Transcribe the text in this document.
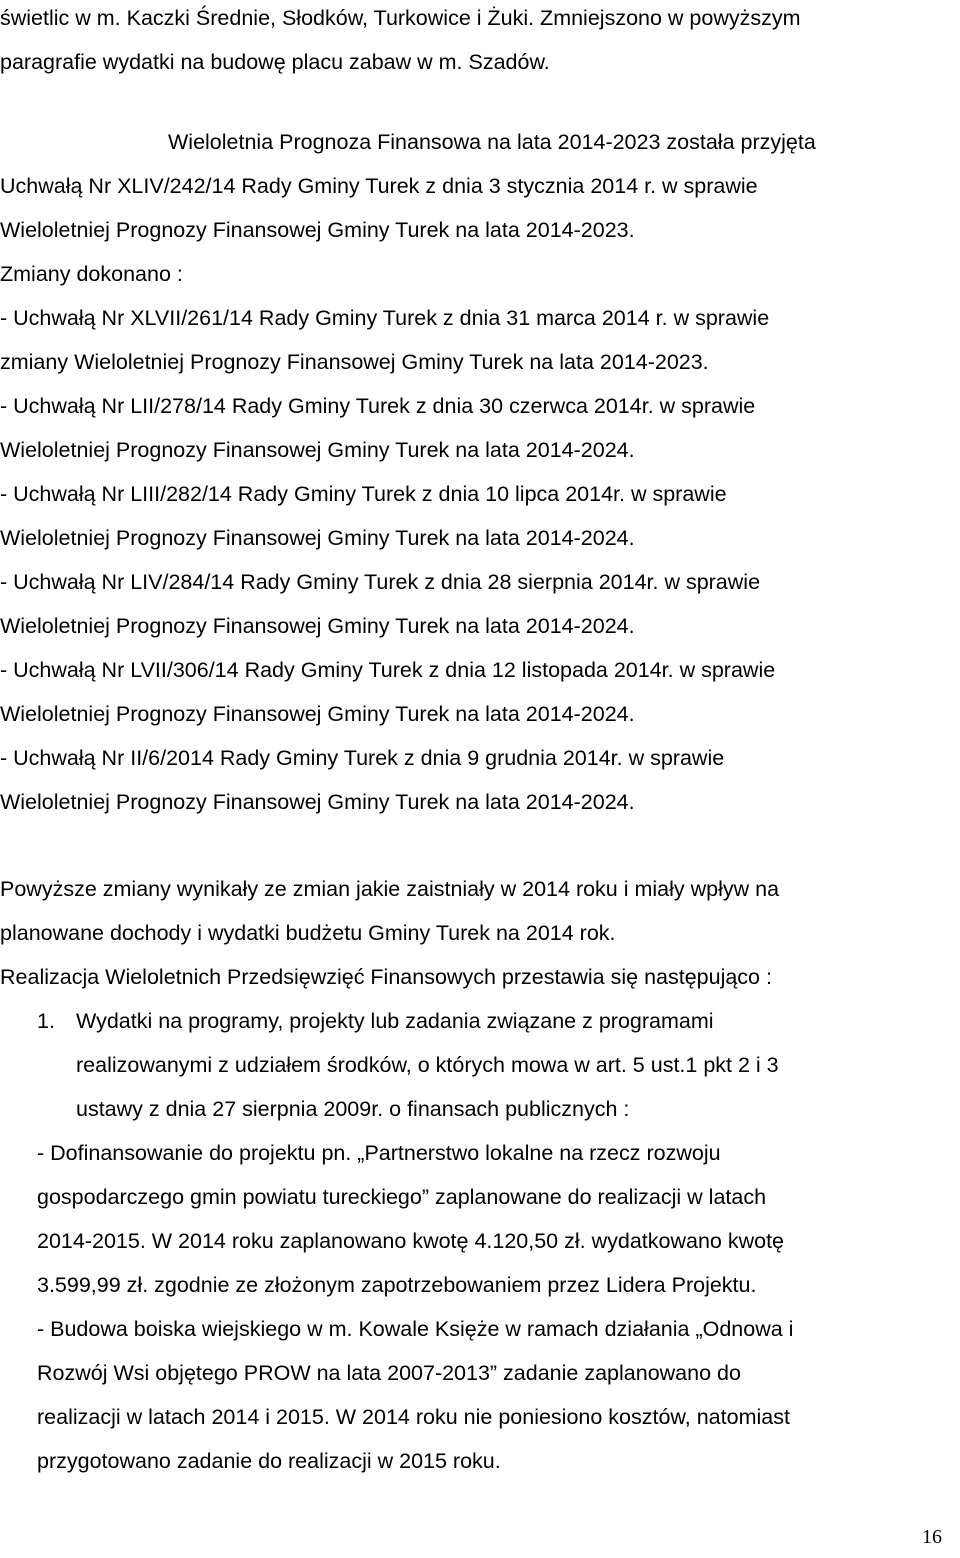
świetlic w m. Kaczki Średnie, Słodków, Turkowice i Żuki. Zmniejszono w powyższym

paragrafie wydatki na budowę placu zabaw w m. Szadów.

Wieloletnia Prognoza Finansowa na lata 2014-2023 została przyjęta

Uchwałą Nr XLIV/242/14 Rady Gminy Turek z dnia 3 stycznia 2014 r. w sprawie

Wieloletniej Prognozy Finansowej Gminy Turek na lata 2014-2023.

Zmiany dokonano :

- Uchwałą Nr XLVII/261/14 Rady Gminy Turek z dnia 31 marca 2014 r. w sprawie

zmiany Wieloletniej Prognozy Finansowej Gminy Turek na lata 2014-2023.

- Uchwałą Nr LII/278/14 Rady Gminy Turek z dnia 30 czerwca 2014r. w sprawie

Wieloletniej Prognozy Finansowej Gminy Turek na lata 2014-2024.

- Uchwałą Nr LIII/282/14 Rady Gminy Turek z dnia 10 lipca 2014r. w sprawie

Wieloletniej Prognozy Finansowej Gminy Turek na lata 2014-2024.

- Uchwałą Nr LIV/284/14 Rady Gminy Turek z dnia 28 sierpnia 2014r. w sprawie

Wieloletniej Prognozy Finansowej Gminy Turek na lata 2014-2024.

- Uchwałą Nr LVII/306/14 Rady Gminy Turek z dnia 12 listopada 2014r. w sprawie

Wieloletniej Prognozy Finansowej Gminy Turek na lata 2014-2024.

- Uchwałą Nr II/6/2014 Rady Gminy Turek z dnia 9 grudnia 2014r. w sprawie

Wieloletniej Prognozy Finansowej Gminy Turek na lata 2014-2024.

Powyższe zmiany wynikały ze zmian jakie zaistniały w 2014 roku i miały wpływ na

planowane dochody i wydatki budżetu Gminy Turek na 2014 rok.

Realizacja Wieloletnich Przedsięwzięć Finansowych przestawia się następująco :

1. Wydatki na programy, projekty lub zadania związane z programami

realizowanymi z udziałem środków, o których mowa w art. 5 ust.1 pkt 2 i 3

ustawy z dnia 27 sierpnia 2009r. o finansach publicznych :

- Dofinansowanie do projektu pn. „Partnerstwo lokalne na rzecz rozwoju

gospodarczego gmin powiatu tureckiego” zaplanowane do realizacji w latach

2014-2015. W 2014 roku zaplanowano kwotę 4.120,50 zł. wydatkowano kwotę

3.599,99 zł. zgodnie ze złożonym zapotrzebowaniem przez Lidera Projektu.

- Budowa boiska wiejskiego w m. Kowale Księże w ramach działania „Odnowa i

Rozwój Wsi objętego PROW na lata 2007-2013” zadanie zaplanowano do

realizacji w latach 2014 i 2015. W 2014 roku nie poniesiono kosztów, natomiast

przygotowano zadanie do realizacji w 2015 roku.

16
